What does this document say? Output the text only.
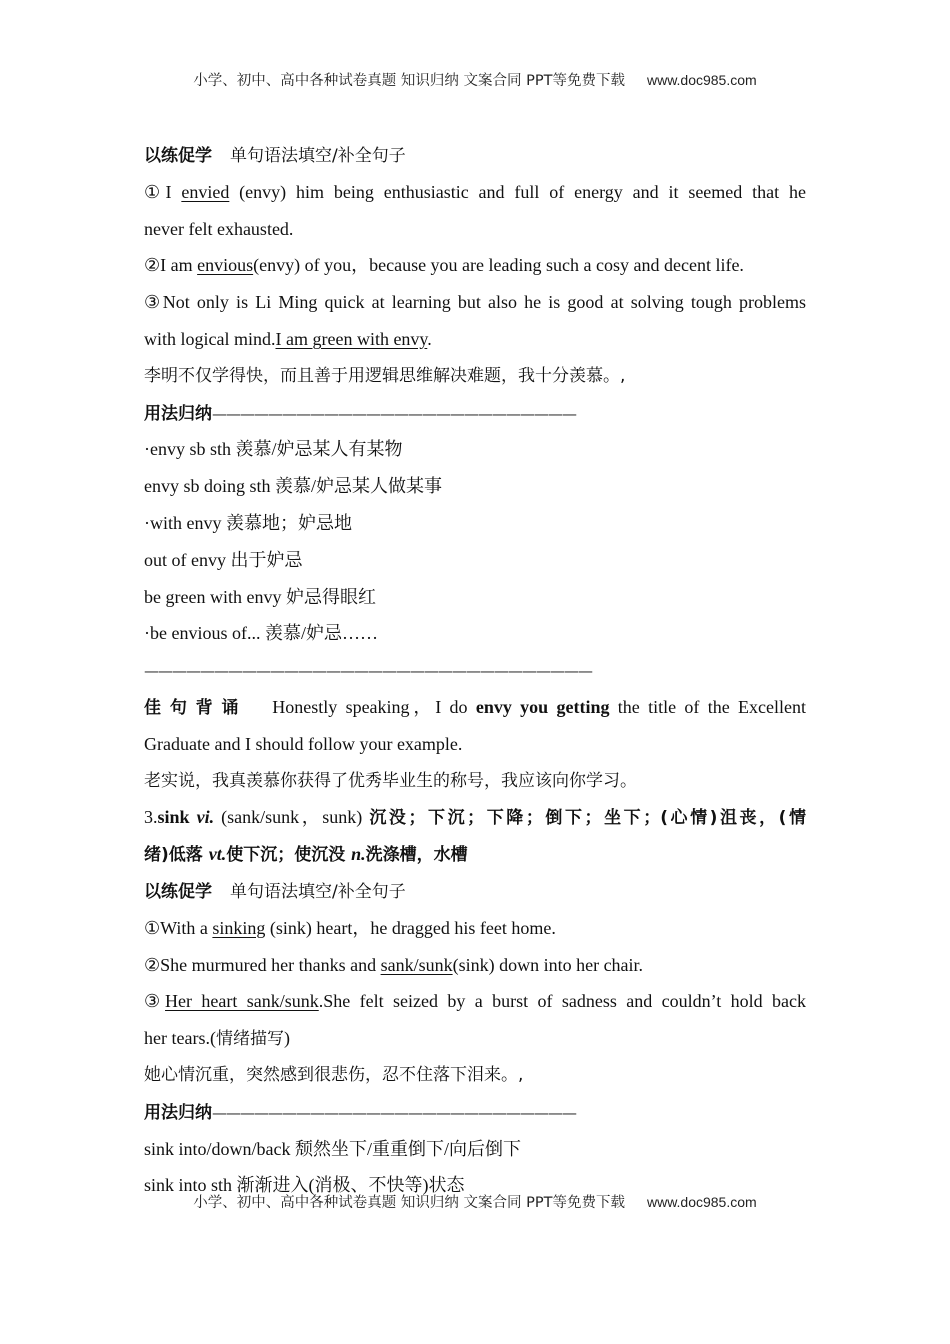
小学、初中、高中各种试卷真题 知识归纳 文案合同 PPT等免费下载 www.doc985.com
以练促学 单句语法填空/补全句子
①I envied (envy) him being enthusiastic and full of energy and it seemed that he
never felt exhausted.
②I am envious(envy) of you，because you are leading such a cosy and decent life.
③Not only is Li Ming quick at learning but also he is good at solving tough problems
with logical mind.I am green with envy.
李明不仅学得快，而且善于用逻辑思维解决难题，我十分羡慕。,
用法归纳——————————————————————————
·envy sb sth 羡慕/妒忌某人有某物
envy sb doing sth 羡慕/妒忌某人做某事
·with envy 羡慕地；妒忌地
out of envy 出于妒忌
be green with envy 妒忌得眼红
·be envious of... 羡慕/妒忌……
————————————————————————————————
佳句背诵 Honestly speaking，I do envy you getting the title of the Excellent
Graduate and I should follow your example.
老实说，我真羡慕你获得了优秀毕业生的称号，我应该向你学习。
3.sink vi. (sank/sunk，sunk) 沉没；下沉；下降；倒下；坐下；(心情)沮丧，(情
绪)低落 vt.使下沉；使沉没 n.洗涤槽，水槽
以练促学 单句语法填空/补全句子
①With a sinking (sink) heart，he dragged his feet home.
②She murmured her thanks and sank/sunk(sink) down into her chair.
③Her heart sank/sunk.She felt seized by a burst of sadness and couldn’t hold back
her tears.(情绪描写)
她心情沉重，突然感到很悲伤，忍不住落下泪来。,
用法归纳——————————————————————————
sink into/down/back 颓然坐下/重重倒下/向后倒下
sink into sth 渐渐进入(消极、不快等)状态
小学、初中、高中各种试卷真题 知识归纳 文案合同 PPT等免费下载 www.doc985.com
